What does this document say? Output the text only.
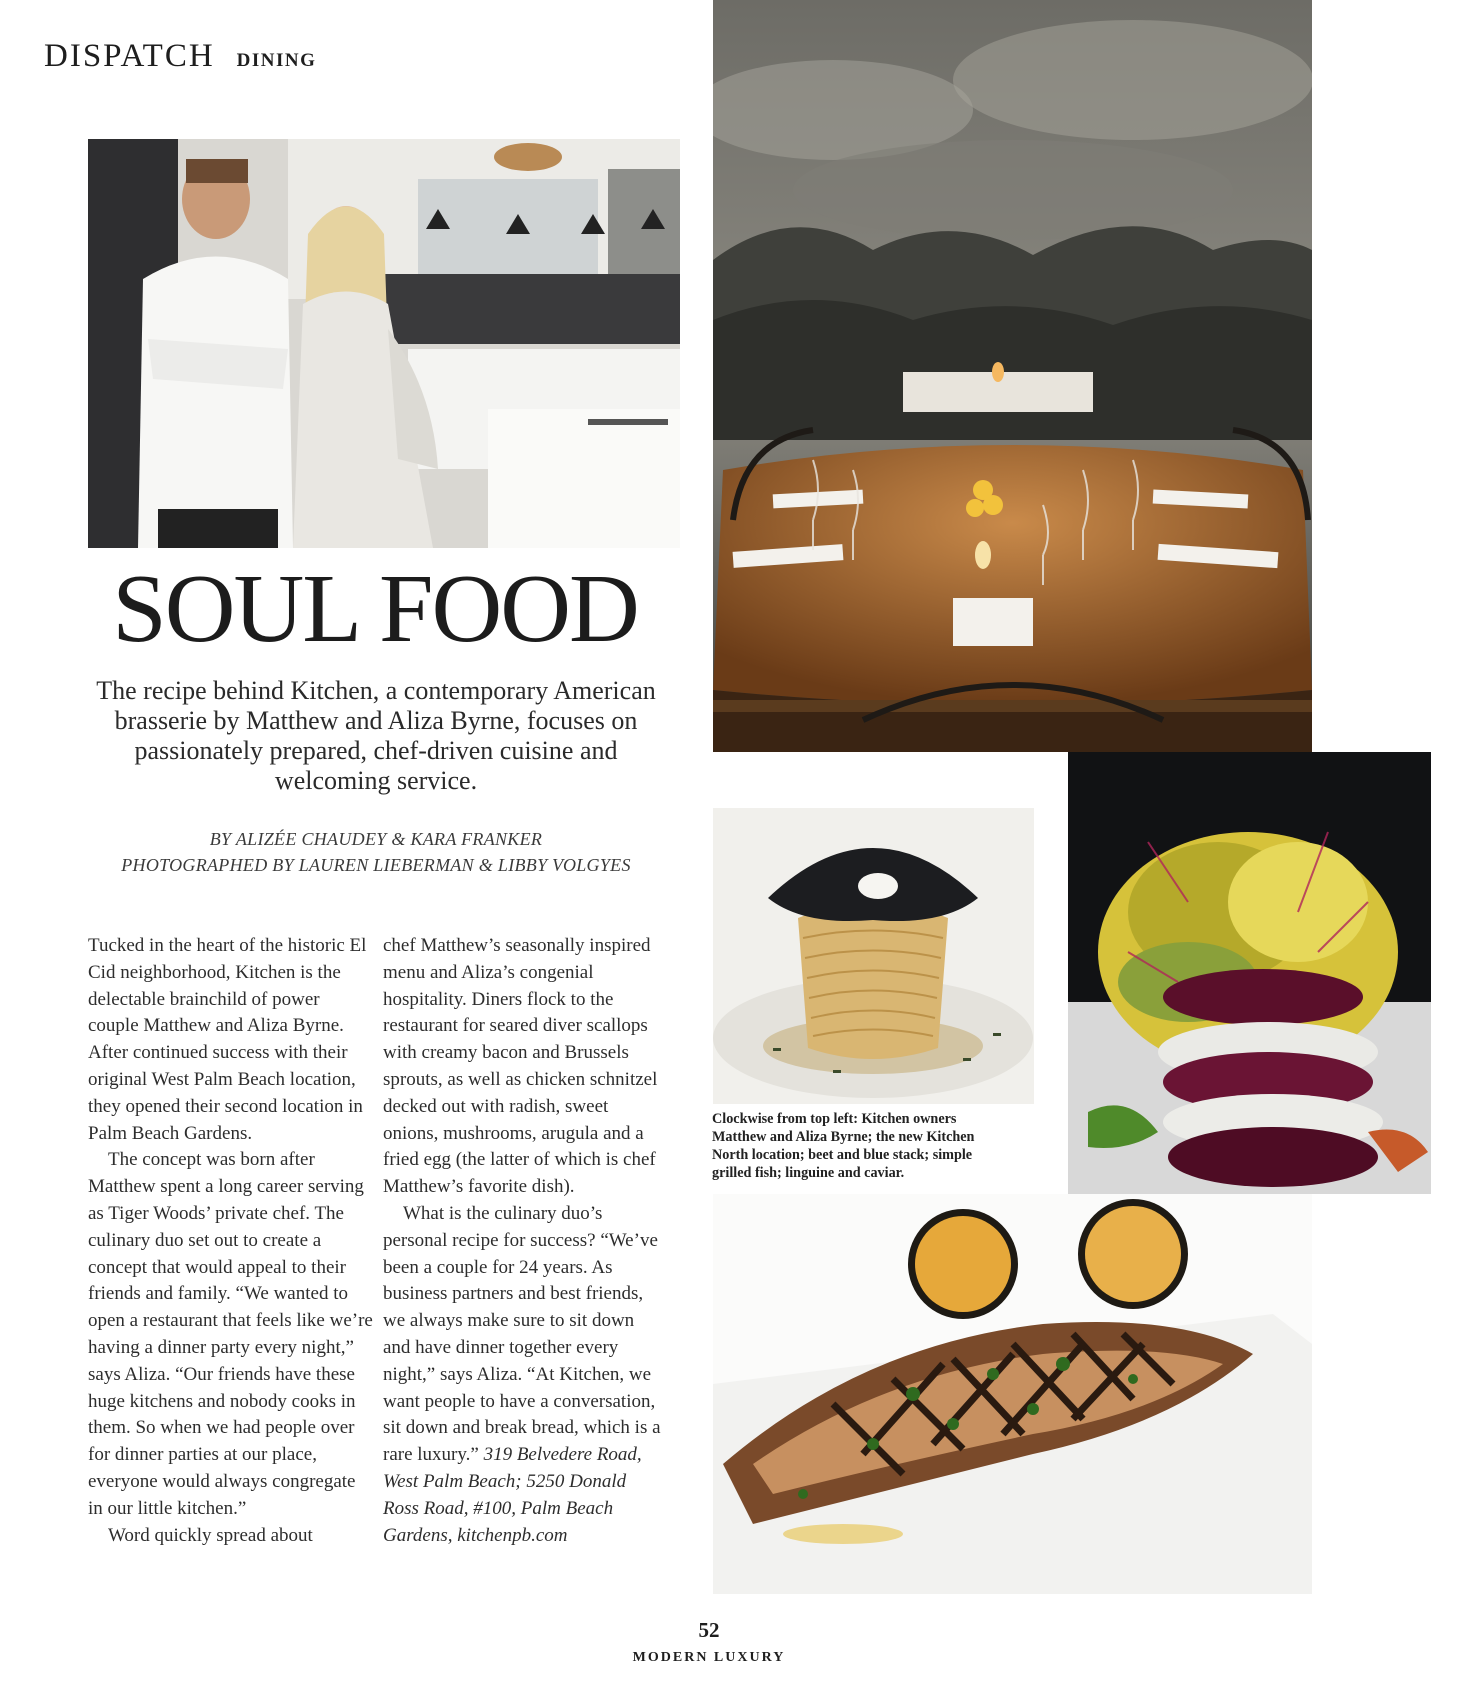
DISPATCH DINING
SOUL FOOD
The recipe behind Kitchen, a contemporary American brasserie by Matthew and Aliza Byrne, focuses on passionately prepared, chef-driven cuisine and welcoming service.
BY ALIZÉE CHAUDEY & KARA FRANKER
PHOTOGRAPHED BY LAUREN LIEBERMAN & LIBBY VOLGYES

Tucked in the heart of the historic El Cid neighborhood, Kitchen is the delectable brainchild of power couple Matthew and Aliza Byrne. After continued success with their original West Palm Beach location, they opened their second location in Palm Beach Gardens.

The concept was born after Matthew spent a long career serving as Tiger Woods’ private chef. The culinary duo set out to create a concept that would appeal to their friends and family. “We wanted to open a restaurant that feels like we’re having a dinner party every night,” says Aliza. “Our friends have these huge kitchens and nobody cooks in them. So when we had people over for dinner parties at our place, everyone would always congregate in our little kitchen.”

Word quickly spread about

chef Matthew’s seasonally inspired menu and Aliza’s congenial hospitality. Diners flock to the restaurant for seared diver scallops with creamy bacon and Brussels sprouts, as well as chicken schnitzel decked out with radish, sweet onions, mushrooms, arugula and a fried egg (the latter of which is chef Matthew’s favorite dish).

What is the culinary duo’s personal recipe for success? “We’ve been a couple for 24 years. As business partners and best friends, we always make sure to sit down and have dinner together every night,” says Aliza. “At Kitchen, we want people to have a conversation, sit down and break bread, which is a rare luxury.” 319 Belvedere Road, West Palm Beach; 5250 Donald Ross Road, #100, Palm Beach Gardens, kitchenpb.com

Clockwise from top left: Kitchen owners Matthew and Aliza Byrne; the new Kitchen North location; beet and blue stack; simple grilled fish; linguine and caviar.
52
MODERN LUXURY
